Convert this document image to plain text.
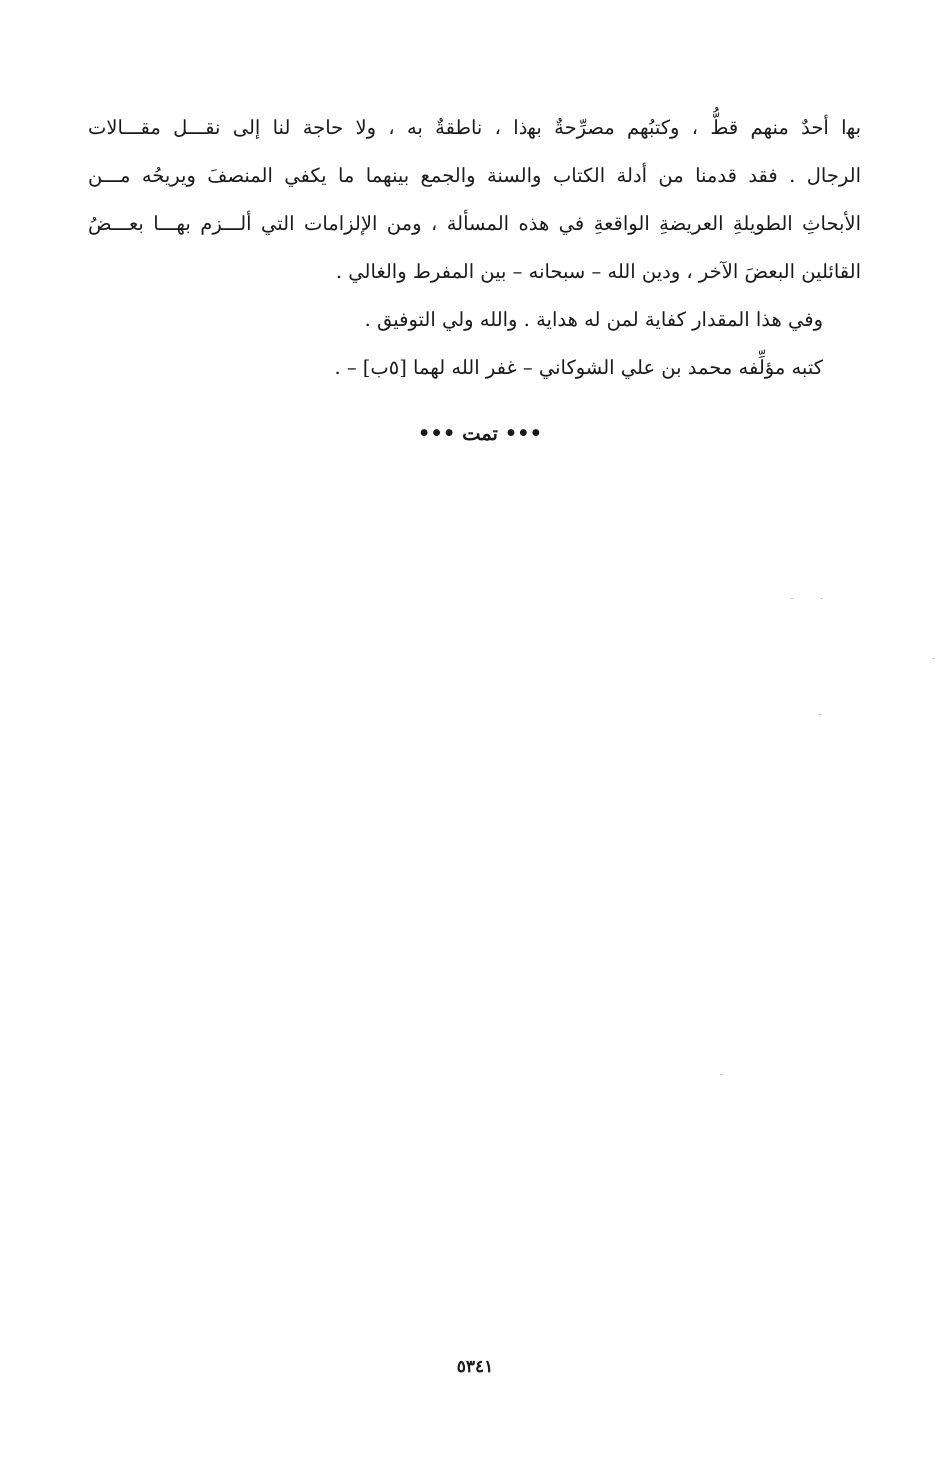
ﺑﻬا أحدٌ منهم قطُّ ، وكتبُهم مصرِّحةٌ ﺑﻬذا ، ناطقةٌ به ، ولا حاجة لنا إلى نقـــل مقـــالات
الرجال . فقد قدمنا من أدلة الكتاب والسنة والجمع بينهما ما يكفي المنصفَ ويريحُه مـــن
الأبحاثِ الطويلةِ العريضةِ الواقعةِ في هذه المسألة ، ومن الإلزامات التي ألـــزم ﺑﻬـــا بعـــضُ
القائلين البعضَ الآخر ، ودين الله – سبحانه – بين المفرط والغالي .
وفي هذا المقدار كفاية لمن له هداية . والله ولي التوفيق .
كتبه مؤلِّفه محمد بن علي الشوكاني – غفر الله لهما [٥ب] – .
••• تمت •••
٥٣٤١
